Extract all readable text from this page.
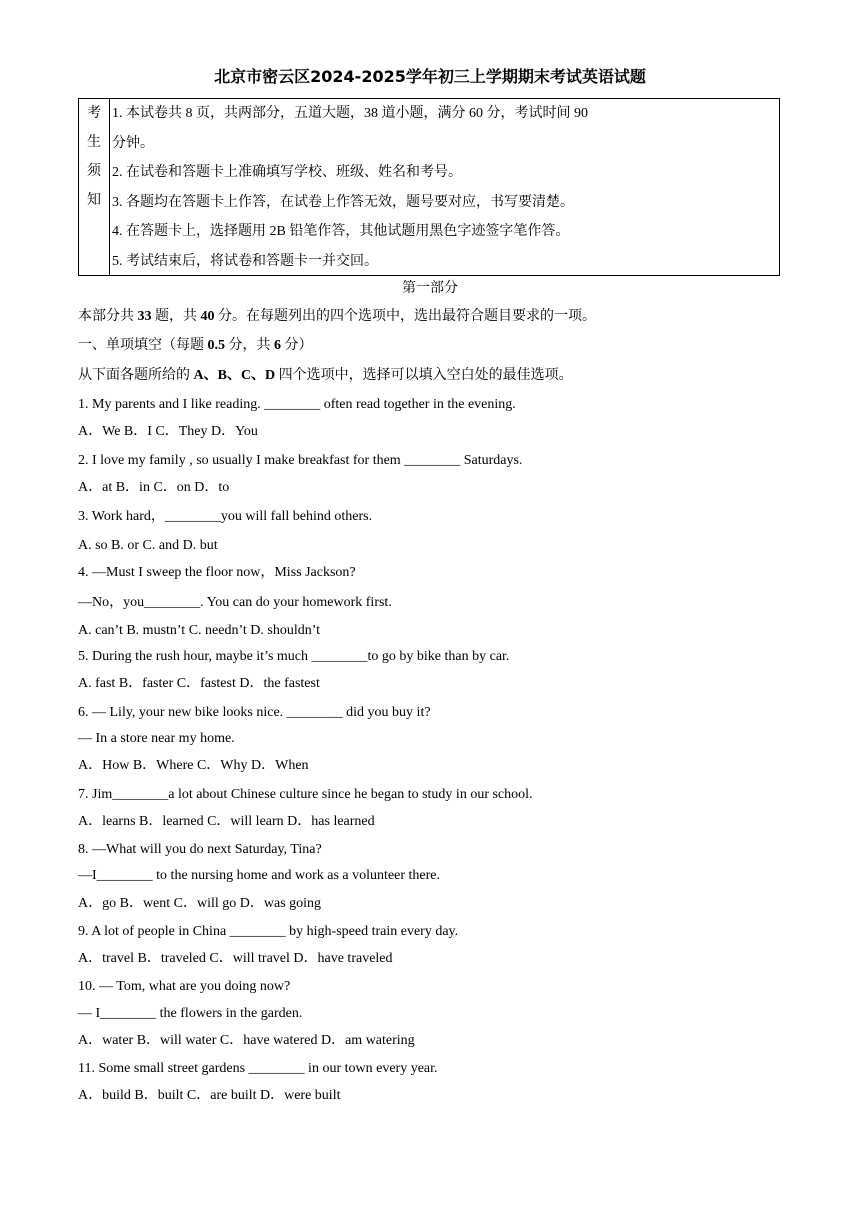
北京市密云区2024-2025学年初三上学期期末考试英语试题
考
生
须
知
1. 本试卷共 8 页，共两部分，五道大题，38 道小题，满分 60 分，考试时间 90
分钟。
2. 在试卷和答题卡上准确填写学校、班级、姓名和考号。
3. 各题均在答题卡上作答，在试卷上作答无效，题号要对应，书写要清楚。
4. 在答题卡上，选择题用 2B 铅笔作答，其他试题用黑色字迹签字笔作答。
5. 考试结束后，将试卷和答题卡一并交回。
第一部分
本部分共 33 题，共 40 分。在每题列出的四个选项中，选出最符合题目要求的一项。
一、单项填空（每题 0.5 分，共 6 分）
从下面各题所给的 A、B、C、D 四个选项中，选择可以填入空白处的最佳选项。
1. My parents and I like reading. ________ often read together in the evening.
A．We B．I C．They D．You
2. I love my family , so usually I make breakfast for them ________ Saturdays.
A．at B．in C．on D．to
3. Work hard，________you will fall behind others.
A. so B. or C. and D. but
4. —Must I sweep the floor now，Miss Jackson?
—No，you________. You can do your homework first.
A. can’t B. mustn’t C. needn’t D. shouldn’t
5. During the rush hour, maybe it’s much ________to go by bike than by car.
A. fast B．faster C．fastest D．the fastest
6. — Lily, your new bike looks nice. ________ did you buy it?
— In a store near my home.
A．How B．Where C．Why D．When
7. Jim________a lot about Chinese culture since he began to study in our school.
A．learns B．learned C．will learn D．has learned
8. —What will you do next Saturday, Tina?
—I________ to the nursing home and work as a volunteer there.
A．go B．went C．will go D．was going
9. A lot of people in China ________ by high-speed train every day.
A．travel B．traveled C．will travel D．have traveled
10. — Tom, what are you doing now?
— I________ the flowers in the garden.
A．water B．will water C．have watered D．am watering
11. Some small street gardens ________ in our town every year.
A．build B．built C．are built D．were built
